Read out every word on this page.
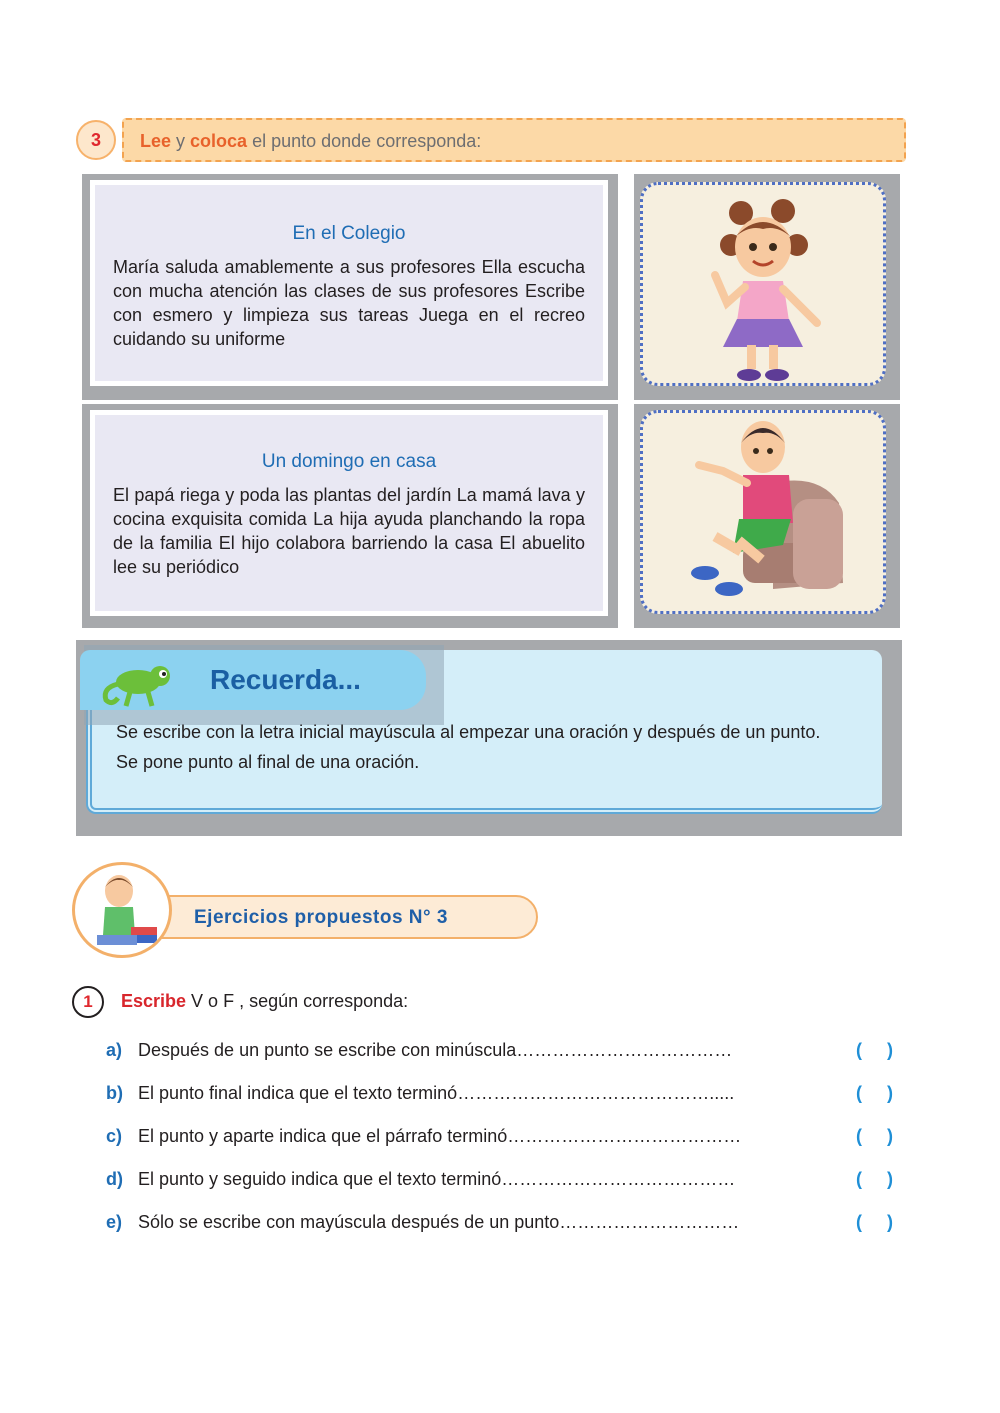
3	Lee y coloca el punto donde corresponda:
En el Colegio
María saluda amablemente a sus profesores Ella escucha con mucha atención las clases de sus profesores Escribe con esmero y limpieza sus tareas Juega en el recreo cuidando su uniforme
Un domingo en casa
El papá riega y poda las plantas del jardín La mamá lava y cocina exquisita comida La hija ayuda planchando la ropa de la familia El hijo colabora barriendo la casa El abuelito lee su periódico
Recuerda...

Se escribe con la letra inicial mayúscula al empezar una oración y después de un punto.

Se pone punto al final de una oración.

Ejercicios propuestos N° 3
1	Escribe V o F , según corresponda:
a) Después de un punto se escribe con minúscula………………………………	(     )
b) El punto final indica que el texto terminó…………………………………….....	(     )
c) El punto y aparte indica que el párrafo terminó…………………………………	(     )
d) El punto y seguido indica que el texto terminó…………………………………	(     )
e) Sólo se escribe con mayúscula después de un punto…………………………	(     )
